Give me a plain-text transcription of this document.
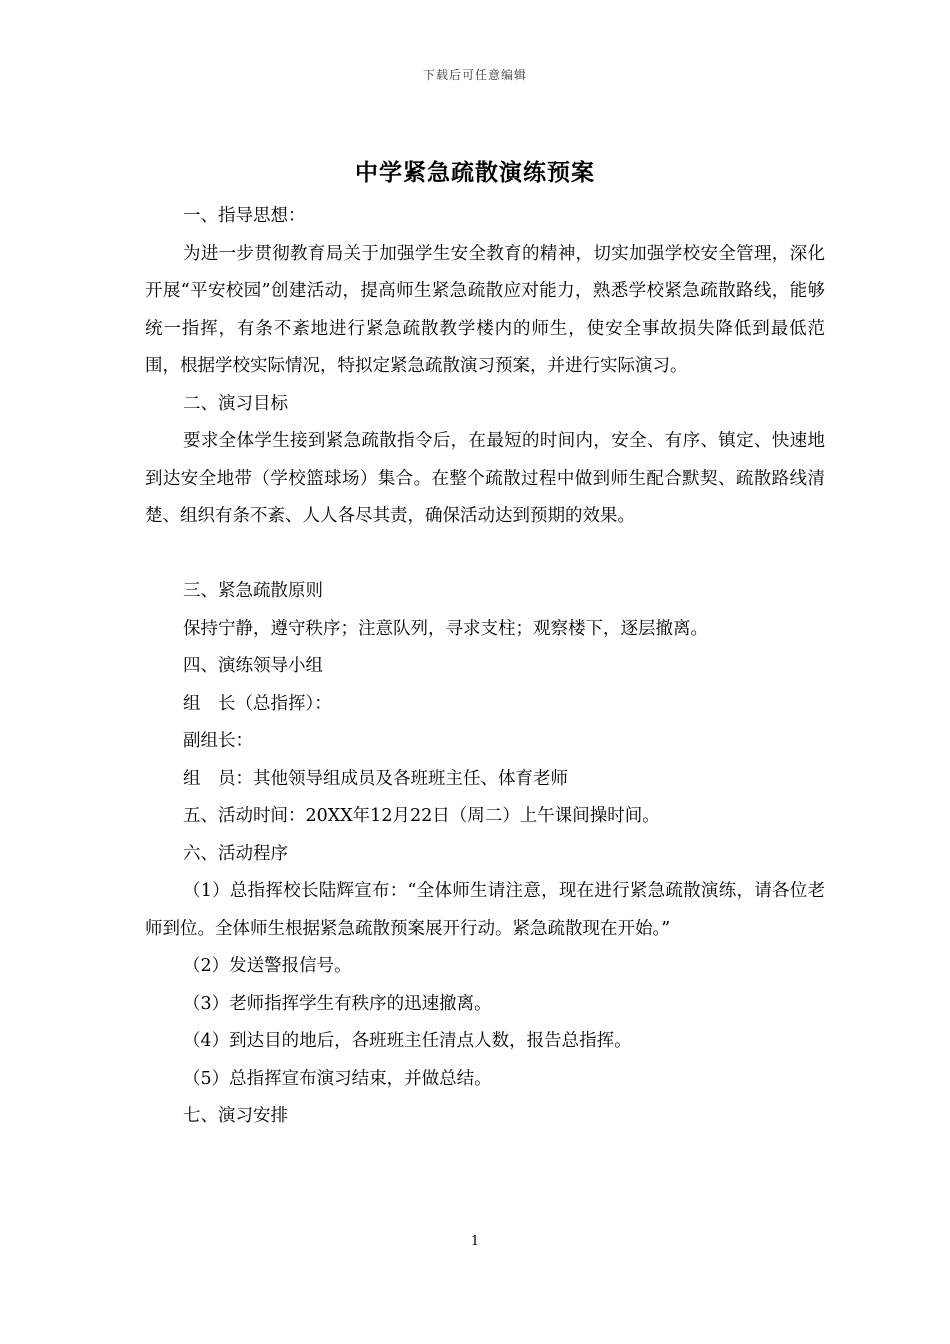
下载后可任意编辑
中学紧急疏散演练预案

一、指导思想：

为进一步贯彻教育局关于加强学生安全教育的精神，切实加强学校安全管理，深化开展“平安校园”创建活动，提高师生紧急疏散应对能力，熟悉学校紧急疏散路线，能够统一指挥，有条不紊地进行紧急疏散教学楼内的师生，使安全事故损失降低到最低范围，根据学校实际情况，特拟定紧急疏散演习预案，并进行实际演习。

二、演习目标

要求全体学生接到紧急疏散指令后，在最短的时间内，安全、有序、镇定、快速地到达安全地带（学校篮球场）集合。在整个疏散过程中做到师生配合默契、疏散路线清楚、组织有条不紊、人人各尽其责，确保活动达到预期的效果。

三、紧急疏散原则

保持宁静，遵守秩序；注意队列，寻求支柱；观察楼下，逐层撤离。

四、演练领导小组

组　长（总指挥）：

副组长：

组　员：其他领导组成员及各班班主任、体育老师

五、活动时间：20XX年12月22日（周二）上午课间操时间。

六、活动程序

（1）总指挥校长陆辉宣布：“全体师生请注意，现在进行紧急疏散演练，请各位老师到位。全体师生根据紧急疏散预案展开行动。紧急疏散现在开始。”

（2）发送警报信号。

（3）老师指挥学生有秩序的迅速撤离。

（4）到达目的地后，各班班主任清点人数，报告总指挥。

（5）总指挥宣布演习结束，并做总结。

七、演习安排

1
